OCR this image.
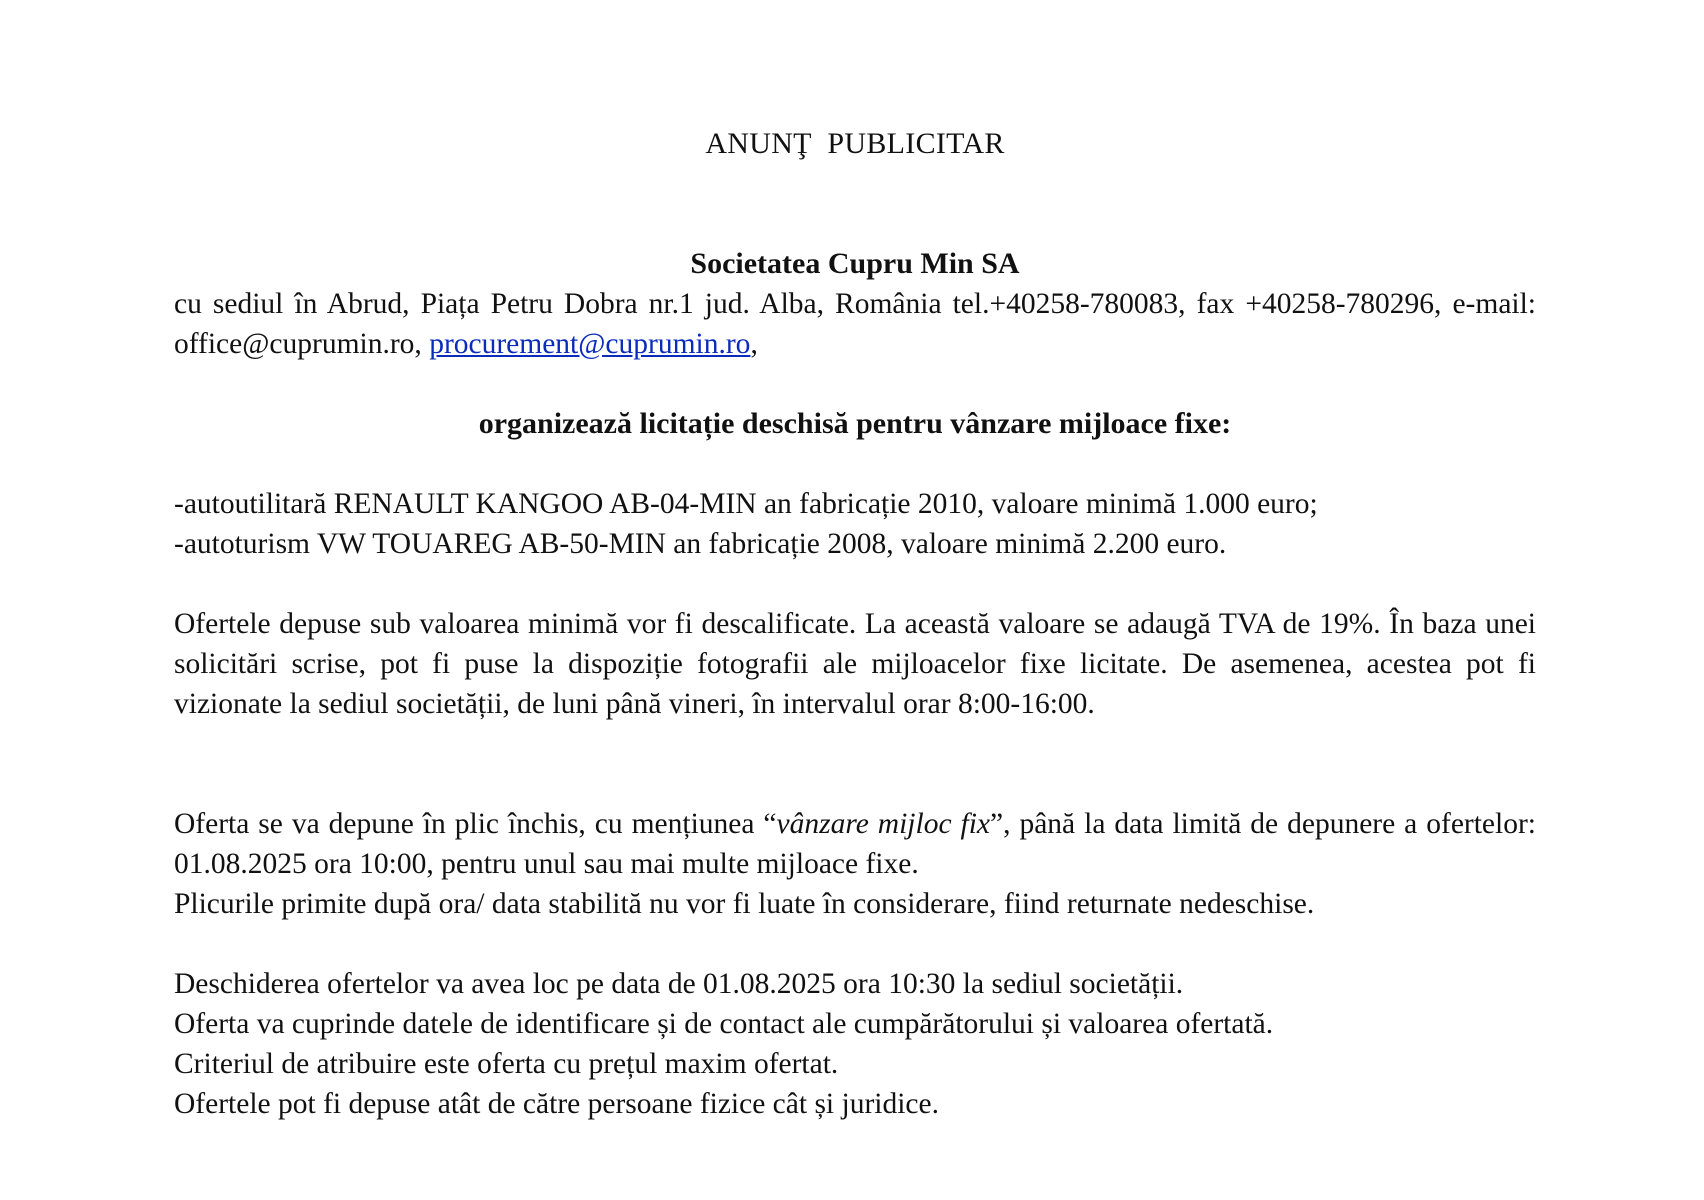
ANUNŢ  PUBLICITAR
Societatea Cupru Min SA
cu sediul în Abrud, Piața Petru Dobra nr.1 jud. Alba, România tel.+40258-780083, fax +40258-780296, e-mail: office@cuprumin.ro, procurement@cuprumin.ro,
organizează licitație deschisă pentru vânzare mijloace fixe:
-autoutilitară RENAULT KANGOO AB-04-MIN an fabricație 2010, valoare minimă 1.000 euro;
-autoturism VW TOUAREG AB-50-MIN an fabricație 2008, valoare minimă 2.200 euro.
Ofertele depuse sub valoarea minimă vor fi descalificate. La această valoare se adaugă TVA de 19%. În baza unei solicitări scrise, pot fi puse la dispoziție fotografii ale mijloacelor fixe licitate. De asemenea, acestea pot fi vizionate la sediul societății, de luni până vineri, în intervalul orar 8:00-16:00.
Oferta se va depune în plic închis, cu mențiunea “vânzare mijloc fix”, până la data limită de depunere a ofertelor: 01.08.2025 ora 10:00, pentru unul sau mai multe mijloace fixe.
Plicurile primite după ora/ data stabilită nu vor fi luate în considerare, fiind returnate nedeschise.
Deschiderea ofertelor va avea loc pe data de 01.08.2025 ora 10:30 la sediul societății.
Oferta va cuprinde datele de identificare și de contact ale cumpărătorului și valoarea ofertată.
Criteriul de atribuire este oferta cu prețul maxim ofertat.
Ofertele pot fi depuse atât de către persoane fizice cât și juridice.
